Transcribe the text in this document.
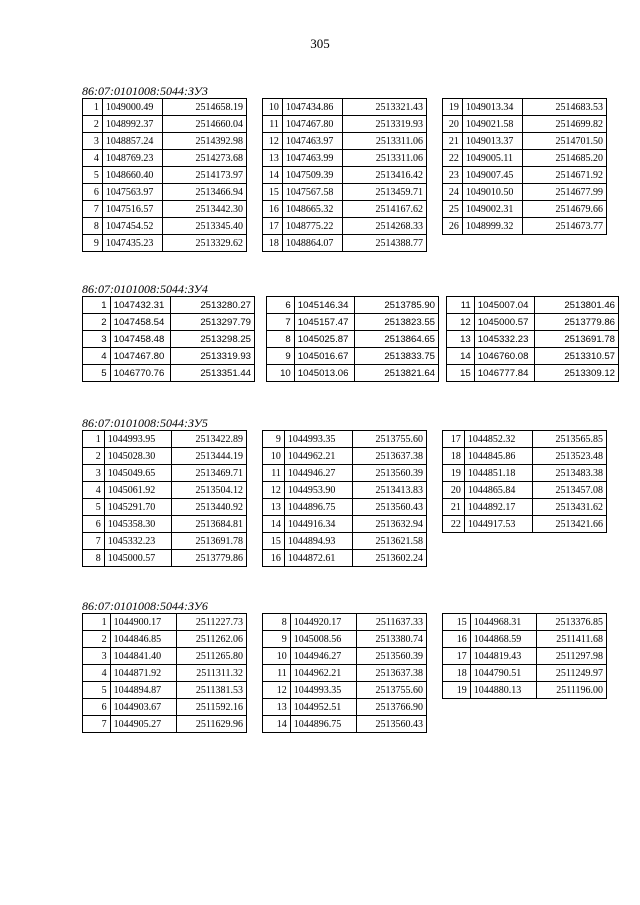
305
86:07:0101008:5044:ЗУ3
1	1049000.49	2514658.19
2	1048992.37	2514660.04
3	1048857.24	2514392.98
4	1048769.23	2514273.68
5	1048660.40	2514173.97
6	1047563.97	2513466.94
7	1047516.57	2513442.30
8	1047454.52	2513345.40
9	1047435.23	2513329.62
10	1047434.86	2513321.43
11	1047467.80	2513319.93
12	1047463.97	2513311.06
13	1047463.99	2513311.06
14	1047509.39	2513416.42
15	1047567.58	2513459.71
16	1048665.32	2514167.62
17	1048775.22	2514268.33
18	1048864.07	2514388.77
19	1049013.34	2514683.53
20	1049021.58	2514699.82
21	1049013.37	2514701.50
22	1049005.11	2514685.20
23	1049007.45	2514671.92
24	1049010.50	2514677.99
25	1049002.31	2514679.66
26	1048999.32	2514673.77
86:07:0101008:5044:ЗУ4
1	1047432.31	2513280.27
2	1047458.54	2513297.79
3	1047458.48	2513298.25
4	1047467.80	2513319.93
5	1046770.76	2513351.44
6	1045146.34	2513785.90
7	1045157.47	2513823.55
8	1045025.87	2513864.65
9	1045016.67	2513833.75
10	1045013.06	2513821.64
11	1045007.04	2513801.46
12	1045000.57	2513779.86
13	1045332.23	2513691.78
14	1046760.08	2513310.57
15	1046777.84	2513309.12
86:07:0101008:5044:ЗУ5
1	1044993.95	2513422.89
2	1045028.30	2513444.19
3	1045049.65	2513469.71
4	1045061.92	2513504.12
5	1045291.70	2513440.92
6	1045358.30	2513684.81
7	1045332.23	2513691.78
8	1045000.57	2513779.86
9	1044993.35	2513755.60
10	1044962.21	2513637.38
11	1044946.27	2513560.39
12	1044953.90	2513413.83
13	1044896.75	2513560.43
14	1044916.34	2513632.94
15	1044894.93	2513621.58
16	1044872.61	2513602.24
17	1044852.32	2513565.85
18	1044845.86	2513523.48
19	1044851.18	2513483.38
20	1044865.84	2513457.08
21	1044892.17	2513431.62
22	1044917.53	2513421.66
86:07:0101008:5044:ЗУ6
1	1044900.17	2511227.73
2	1044846.85	2511262.06
3	1044841.40	2511265.80
4	1044871.92	2511311.32
5	1044894.87	2511381.53
6	1044903.67	2511592.16
7	1044905.27	2511629.96
8	1044920.17	2511637.33
9	1045008.56	2513380.74
10	1044946.27	2513560.39
11	1044962.21	2513637.38
12	1044993.35	2513755.60
13	1044952.51	2513766.90
14	1044896.75	2513560.43
15	1044968.31	2513376.85
16	1044868.59	2511411.68
17	1044819.43	2511297.98
18	1044790.51	2511249.97
19	1044880.13	2511196.00
